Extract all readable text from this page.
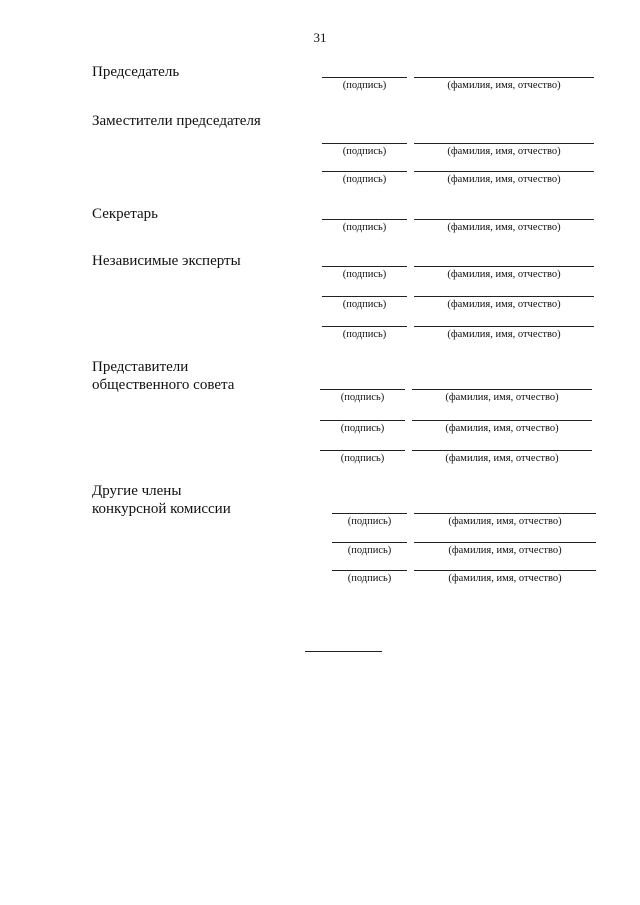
31
Председатель
(подпись)	(фамилия, имя, отчество)
Заместители председателя
(подпись)	(фамилия, имя, отчество)
(подпись)	(фамилия, имя, отчество)
Секретарь
(подпись)	(фамилия, имя, отчество)
Независимые эксперты
(подпись)	(фамилия, имя, отчество)
(подпись)	(фамилия, имя, отчество)
(подпись)	(фамилия, имя, отчество)
Представители
общественного совета
(подпись)	(фамилия, имя, отчество)
(подпись)	(фамилия, имя, отчество)
(подпись)	(фамилия, имя, отчество)
Другие члены
конкурсной комиссии
(подпись)	(фамилия, имя, отчество)
(подпись)	(фамилия, имя, отчество)
(подпись)	(фамилия, имя, отчество)
